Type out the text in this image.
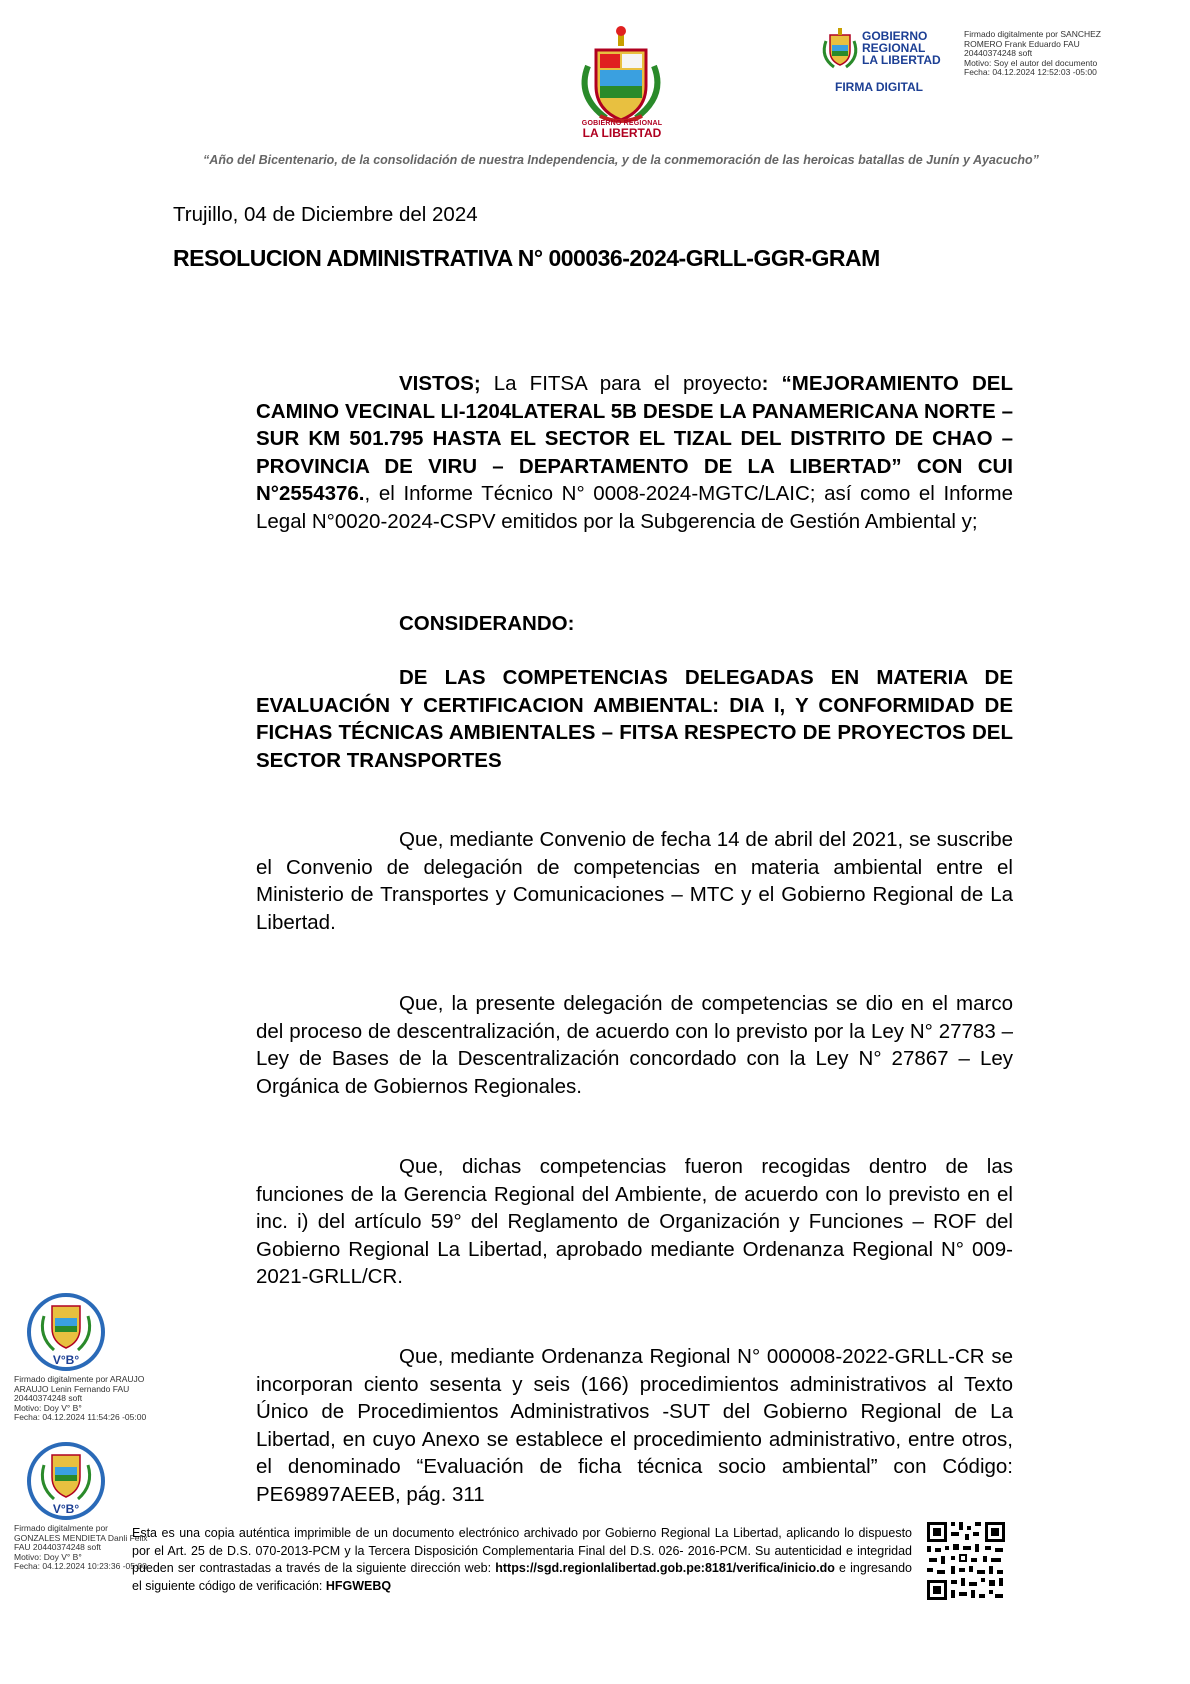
GOBIERNO REGIONAL
LA LIBERTAD
GOBIERNO
REGIONAL
LA LIBERTAD
FIRMA DIGITAL
Firmado digitalmente por SANCHEZ
ROMERO Frank Eduardo FAU
20440374248 soft
Motivo: Soy el autor del documento
Fecha: 04.12.2024 12:52:03 -05:00
“Año del Bicentenario, de la consolidación de nuestra Independencia, y de la conmemoración de las heroicas batallas de Junín y Ayacucho”
Trujillo, 04 de Diciembre del 2024
RESOLUCION ADMINISTRATIVA N° 000036-2024-GRLL-GGR-GRAM

VISTOS; La FITSA para el proyecto: “MEJORAMIENTO DEL CAMINO VECINAL LI-1204LATERAL 5B DESDE LA PANAMERICANA NORTE – SUR KM 501.795 HASTA EL SECTOR EL TIZAL DEL DISTRITO DE CHAO – PROVINCIA DE VIRU – DEPARTAMENTO DE LA LIBERTAD” CON CUI N°2554376., el Informe Técnico N° 0008-2024-MGTC/LAIC; así como el Informe Legal N°0020-2024-CSPV emitidos por la Subgerencia de Gestión Ambiental y;

CONSIDERANDO:

DE LAS COMPETENCIAS DELEGADAS EN MATERIA DE EVALUACIÓN Y CERTIFICACION AMBIENTAL: DIA I, Y CONFORMIDAD DE FICHAS TÉCNICAS AMBIENTALES – FITSA RESPECTO DE PROYECTOS DEL SECTOR TRANSPORTES

Que, mediante Convenio de fecha 14 de abril del 2021, se suscribe el Convenio de delegación de competencias en materia ambiental entre el Ministerio de Transportes y Comunicaciones – MTC y el Gobierno Regional de La Libertad.

Que, la presente delegación de competencias se dio en el marco del proceso de descentralización, de acuerdo con lo previsto por la Ley N° 27783 – Ley de Bases de la Descentralización concordado con la Ley N° 27867 – Ley Orgánica de Gobiernos Regionales.

Que, dichas competencias fueron recogidas dentro de las funciones de la Gerencia Regional del Ambiente, de acuerdo con lo previsto en el inc. i) del artículo 59° del Reglamento de Organización y Funciones – ROF del Gobierno Regional La Libertad, aprobado mediante Ordenanza Regional N° 009-2021-GRLL/CR.

Que, mediante Ordenanza Regional N° 000008-2022-GRLL-CR se incorporan ciento sesenta y seis (166) procedimientos administrativos al Texto Único de Procedimientos Administrativos -SUT del Gobierno Regional de La Libertad, en cuyo Anexo se establece el procedimiento administrativo, entre otros, el denominado “Evaluación de ficha técnica socio ambiental” con Código: PE69897AEEB, pág. 311

V°B°
Firmado digitalmente por ARAUJO
ARAUJO Lenin Fernando FAU
20440374248 soft
Motivo: Doy V° B°
Fecha: 04.12.2024 11:54:26 -05:00
V°B°
Firmado digitalmente por
GONZALES MENDIETA Danli Felix
FAU 20440374248 soft
Motivo: Doy V° B°
Fecha: 04.12.2024 10:23:36 -05:00
Esta es una copia auténtica imprimible de un documento electrónico archivado por Gobierno Regional La Libertad, aplicando lo dispuesto por el Art. 25 de D.S. 070-2013-PCM y la Tercera Disposición Complementaria Final del D.S. 026- 2016-PCM. Su autenticidad e integridad pueden ser contrastadas a través de la siguiente dirección web: https://sgd.regionlalibertad.gob.pe:8181/verifica/inicio.do e ingresando el siguiente código de verificación: HFGWEBQ
